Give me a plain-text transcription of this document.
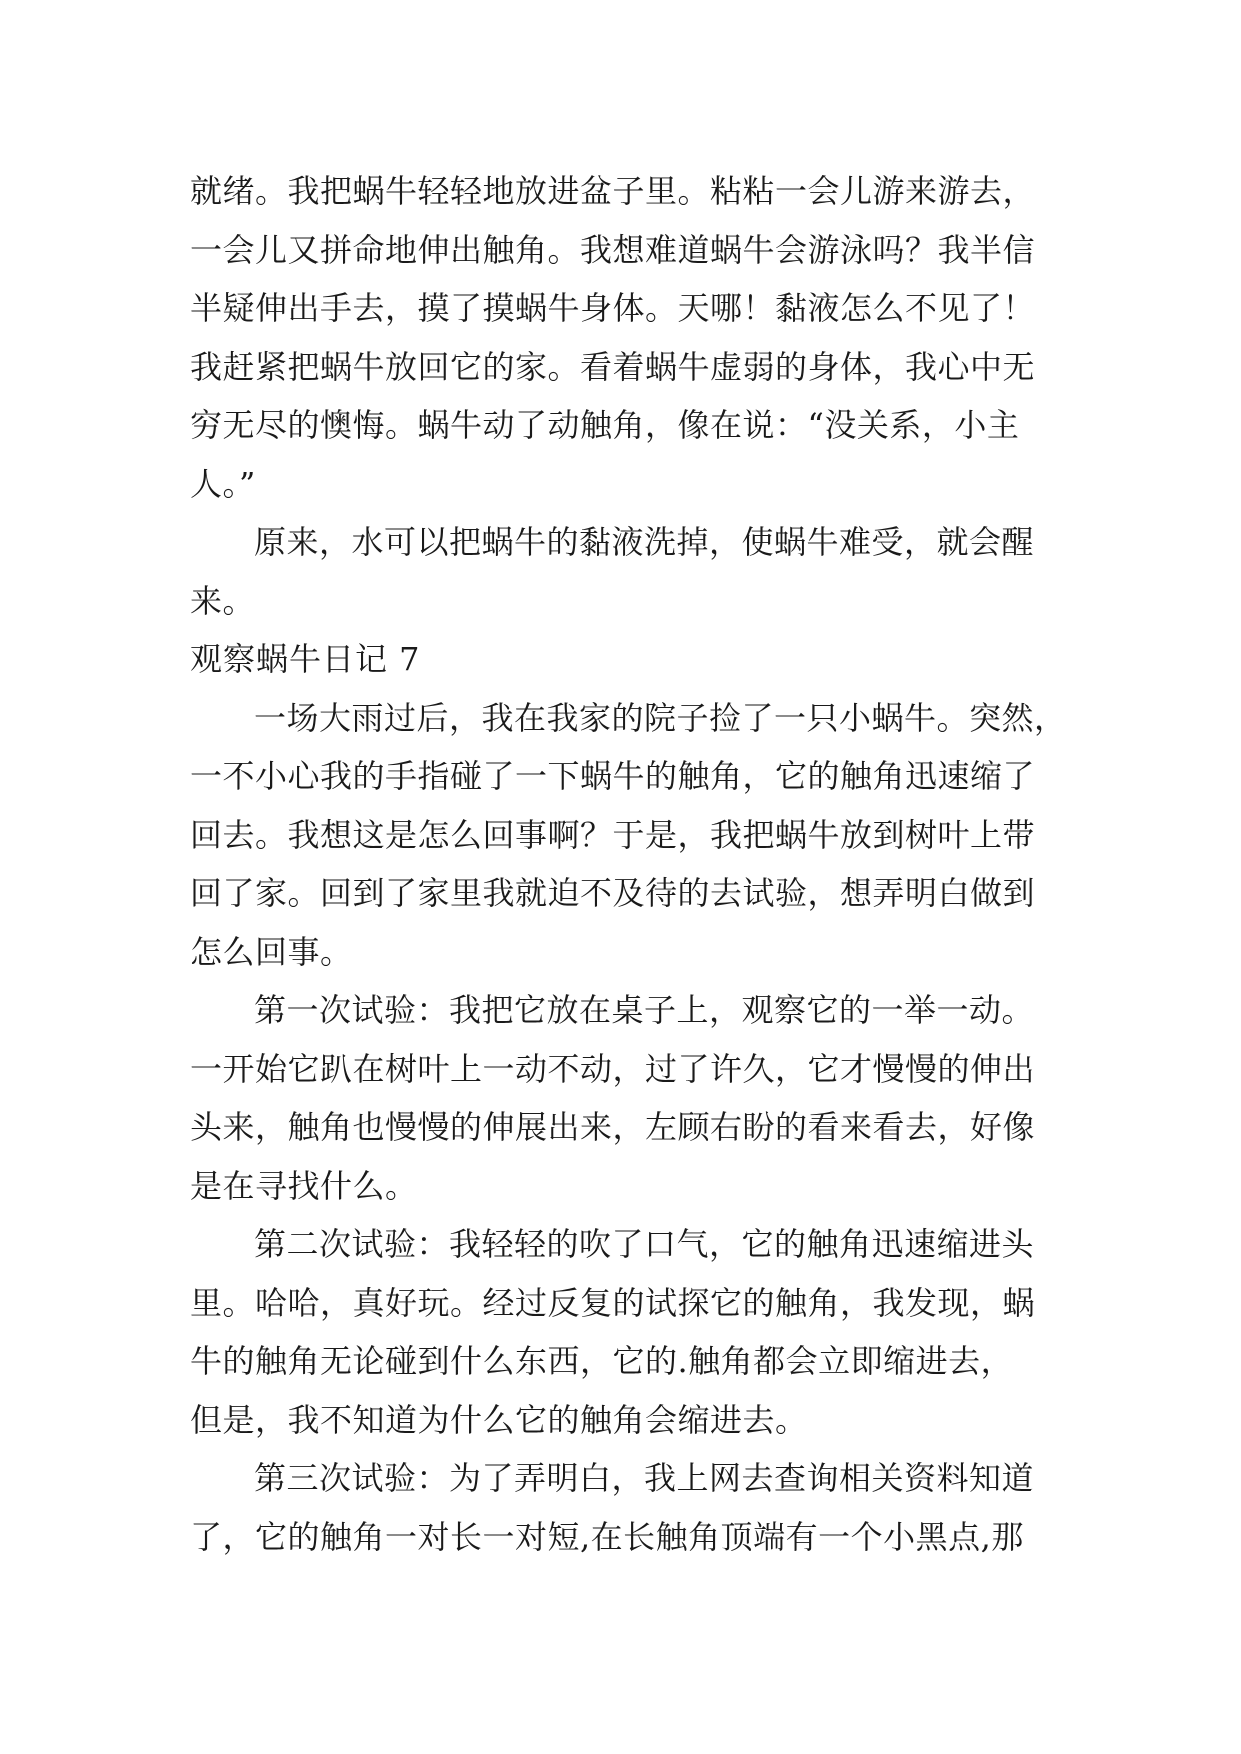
就绪。我把蜗牛轻轻地放进盆子里。粘粘一会儿游来游去，
一会儿又拼命地伸出触角。我想难道蜗牛会游泳吗？我半信
半疑伸出手去，摸了摸蜗牛身体。天哪！黏液怎么不见了！
我赶紧把蜗牛放回它的家。看着蜗牛虚弱的身体，我心中无
穷无尽的懊悔。蜗牛动了动触角，像在说：“没关系，小主
人。”
原来，水可以把蜗牛的黏液洗掉，使蜗牛难受，就会醒
来。
观察蜗牛日记 7
一场大雨过后，我在我家的院子捡了一只小蜗牛。突然，
一不小心我的手指碰了一下蜗牛的触角，它的触角迅速缩了
回去。我想这是怎么回事啊？于是，我把蜗牛放到树叶上带
回了家。回到了家里我就迫不及待的去试验，想弄明白做到
怎么回事。
第一次试验：我把它放在桌子上，观察它的一举一动。
一开始它趴在树叶上一动不动，过了许久，它才慢慢的伸出
头来，触角也慢慢的伸展出来，左顾右盼的看来看去，好像
是在寻找什么。
第二次试验：我轻轻的吹了口气，它的触角迅速缩进头
里。哈哈，真好玩。经过反复的试探它的触角，我发现，蜗
牛的触角无论碰到什么东西，它的.触角都会立即缩进去，
但是，我不知道为什么它的触角会缩进去。
第三次试验：为了弄明白，我上网去查询相关资料知道
了，它的触角一对长一对短,在长触角顶端有一个小黑点,那
